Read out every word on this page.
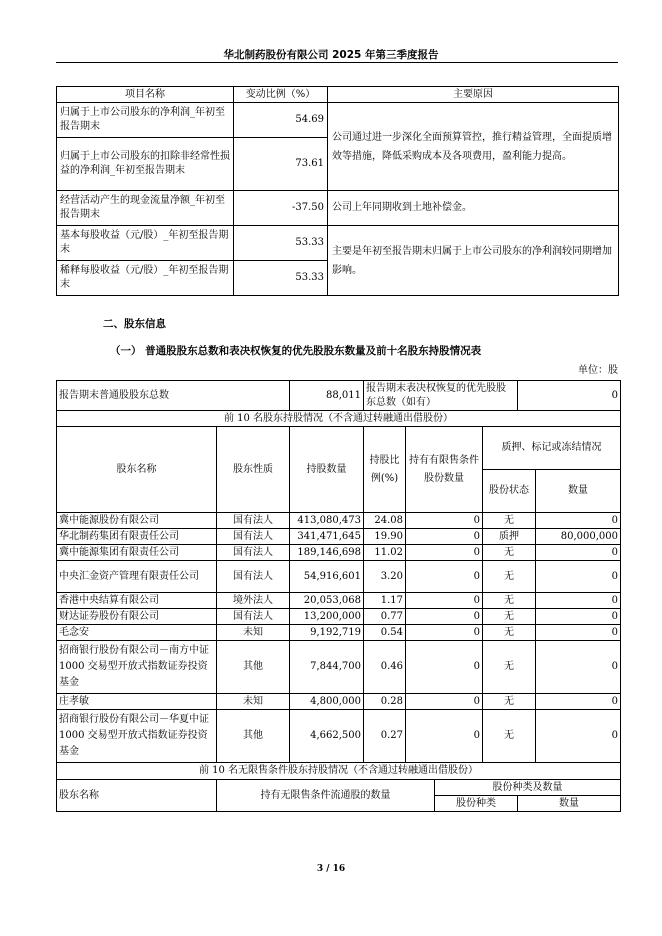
华北制药股份有限公司 2025 年第三季度报告
项目名称	变动比例（%）	主要原因
归属于上市公司股东的净利润_年初至报告期末	54.69	公司通过进一步深化全面预算管控，推行精益管理，全面提质增效等措施，降低采购成本及各项费用，盈利能力提高。
归属于上市公司股东的扣除非经常性损益的净利润_年初至报告期末	73.61	
经营活动产生的现金流量净额_年初至报告期末	-37.50	公司上年同期收到土地补偿金。
基本每股收益（元/股）_年初至报告期末	53.33	主要是年初至报告期末归属于上市公司股东的净利润较同期增加影响。
稀释每股收益（元/股）_年初至报告期末	53.33	
二、股东信息
（一） 普通股股东总数和表决权恢复的优先股股东数量及前十名股东持股情况表
单位：股
报告期末普通股股东总数		88,011	报告期末表决权恢复的优先股股东总数（如有）				0	
前 10 名股东持股情况（不含通过转融通出借股份）								
股东名称	股东性质	持股数量	持股比例(%)	持有有限售条件股份数量		质押、标记或冻结情况		
						股份状态		数量
冀中能源股份有限公司	国有法人	413,080,473	24.08	0		无		0
华北制药集团有限责任公司	国有法人	341,471,645	19.90	0		质押		80,000,000
冀中能源集团有限责任公司	国有法人	189,146,698	11.02	0		无		0
中央汇金资产管理有限责任公司	国有法人	54,916,601	3.20	0		无		0
香港中央结算有限公司	境外法人	20,053,068	1.17	0		无		0
财达证券股份有限公司	国有法人	13,200,000	0.77	0		无		0
毛念安	未知	9,192,719	0.54	0		无		0
招商银行股份有限公司－南方中证 1000 交易型开放式指数证券投资基金	其他	7,844,700	0.46	0		无		0
庄孝敏	未知	4,800,000	0.28	0		无		0
招商银行股份有限公司－华夏中证 1000 交易型开放式指数证券投资基金	其他	4,662,500	0.27	0		无		0
前 10 名无限售条件股东持股情况（不含通过转融通出借股份）								
股东名称	持有无限售条件流通股的数量				股份种类及数量			
					股份种类		数量	
3 / 16
